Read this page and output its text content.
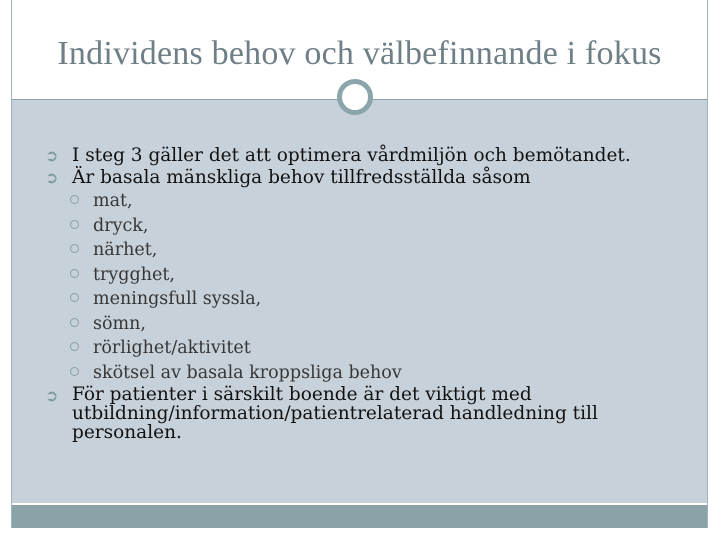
Individens behov och välbefinnande i fokus
➲ I steg 3 gäller det att optimera vårdmiljön och bemötandet.
➲ Är basala mänskliga behov tillfredsställda såsom
mat,
dryck,
närhet,
trygghet,
meningsfull syssla,
sömn,
rörlighet/aktivitet
skötsel av basala kroppsliga behov
➲ För patienter i särskilt boende är det viktigt med
utbildning/information/patientrelaterad handledning till
personalen.
